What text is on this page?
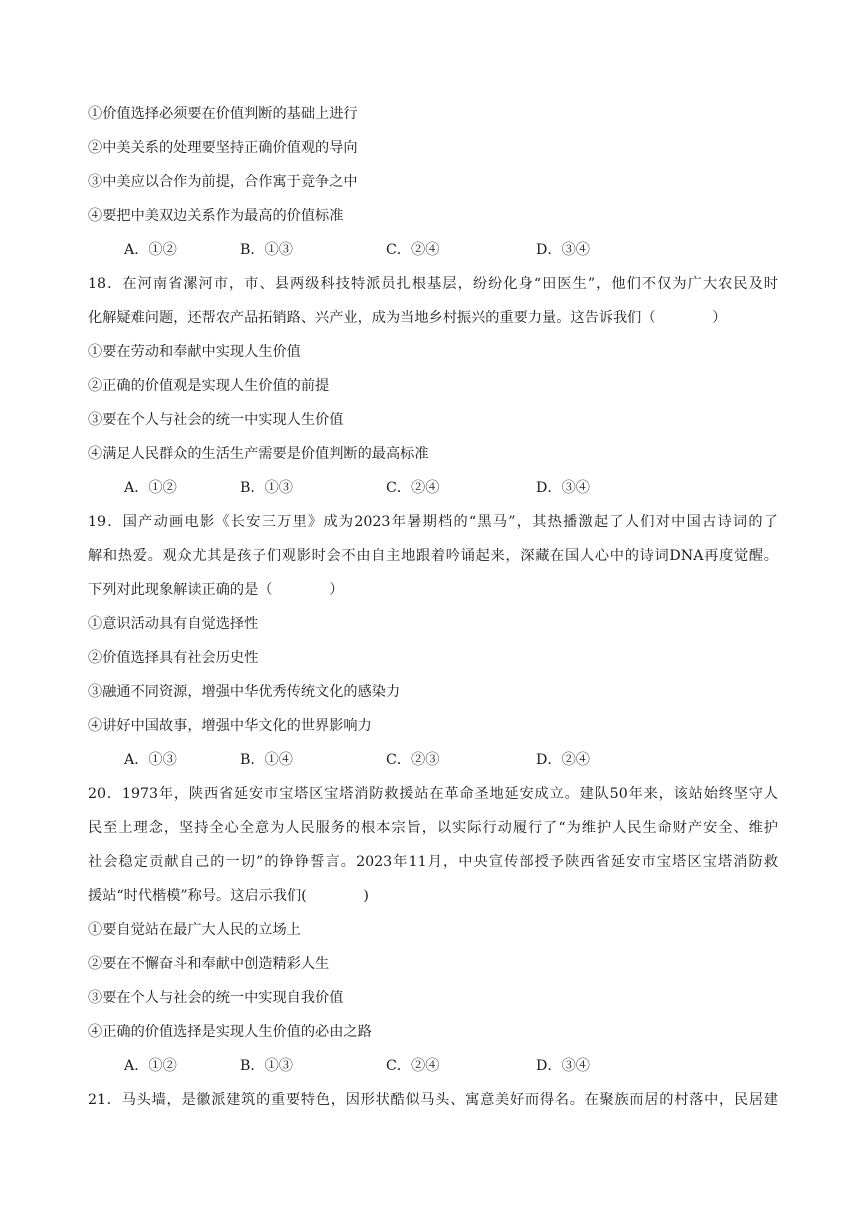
①价值选择必须要在价值判断的基础上进行
②中美关系的处理要坚持正确价值观的导向
③中美应以合作为前提，合作寓于竞争之中
④要把中美双边关系作为最高的价值标准
A．①②	B．①③	C．②④	D．③④
18．在河南省漯河市，市、县两级科技特派员扎根基层，纷纷化身“田医生”，他们不仅为广大农民及时
化解疑难问题，还帮农产品拓销路、兴产业，成为当地乡村振兴的重要力量。这告诉我们（　　　　）
①要在劳动和奉献中实现人生价值
②正确的价值观是实现人生价值的前提
③要在个人与社会的统一中实现人生价值
④满足人民群众的生活生产需要是价值判断的最高标准
A．①②	B．①③	C．②④	D．③④
19．国产动画电影《长安三万里》成为2023年暑期档的“黑马”，其热播激起了人们对中国古诗词的了
解和热爱。观众尤其是孩子们观影时会不由自主地跟着吟诵起来，深藏在国人心中的诗词DNA再度觉醒。
下列对此现象解读正确的是（　　　　）
①意识活动具有自觉选择性
②价值选择具有社会历史性
③融通不同资源，增强中华优秀传统文化的感染力
④讲好中国故事，增强中华文化的世界影响力
A．①③	B．①④	C．②③	D．②④
20．1973年，陕西省延安市宝塔区宝塔消防救援站在革命圣地延安成立。建队50年来，该站始终坚守人
民至上理念，坚持全心全意为人民服务的根本宗旨，以实际行动履行了“为维护人民生命财产安全、维护
社会稳定贡献自己的一切”的铮铮誓言。2023年11月，中央宣传部授予陕西省延安市宝塔区宝塔消防救
援站“时代楷模”称号。这启示我们(　　　　)
①要自觉站在最广大人民的立场上
②要在不懈奋斗和奉献中创造精彩人生
③要在个人与社会的统一中实现自我价值
④正确的价值选择是实现人生价值的必由之路
A．①②	B．①③	C．②④	D．③④
21．马头墙，是徽派建筑的重要特色，因形状酷似马头、寓意美好而得名。在聚族而居的村落中，民居建
